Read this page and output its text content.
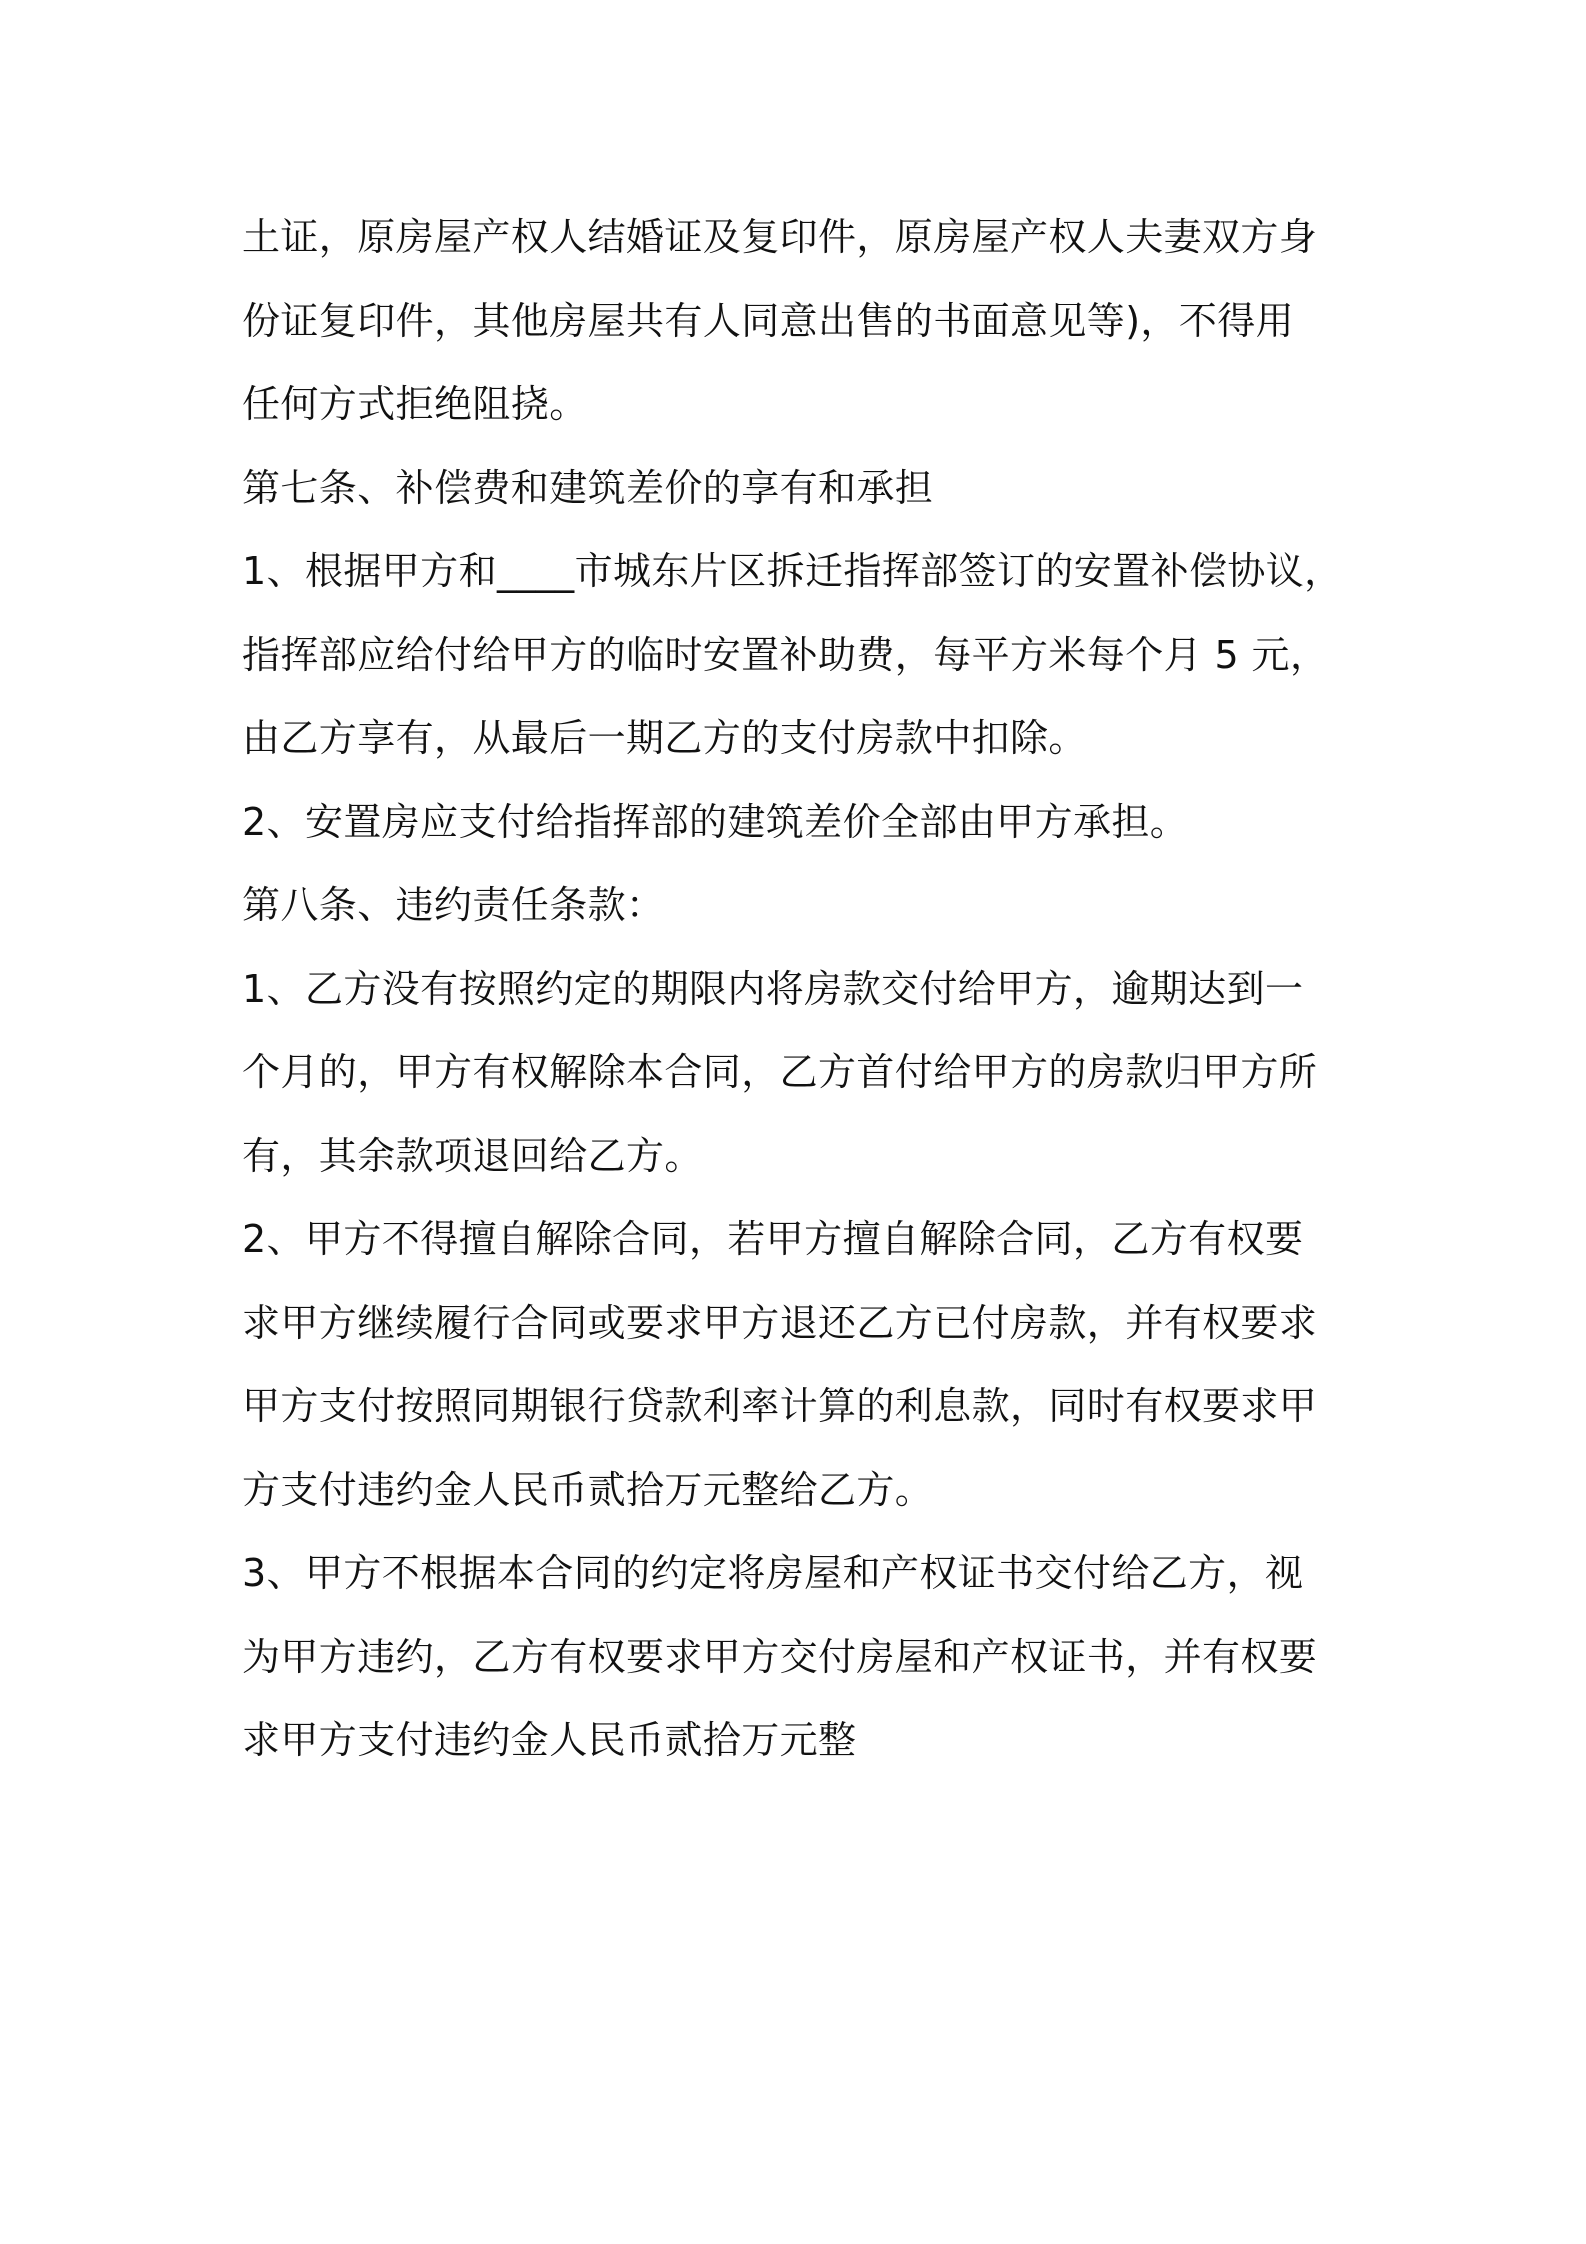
土证，原房屋产权人结婚证及复印件，原房屋产权人夫妻双方身
份证复印件，其他房屋共有人同意出售的书面意见等)，不得用
任何方式拒绝阻挠。
第七条、补偿费和建筑差价的享有和承担
1、根据甲方和____市城东片区拆迁指挥部签订的安置补偿协议，
指挥部应给付给甲方的临时安置补助费，每平方米每个月 5 元，
由乙方享有，从最后一期乙方的支付房款中扣除。
2、安置房应支付给指挥部的建筑差价全部由甲方承担。
第八条、违约责任条款：
1、乙方没有按照约定的期限内将房款交付给甲方，逾期达到一
个月的，甲方有权解除本合同，乙方首付给甲方的房款归甲方所
有，其余款项退回给乙方。
2、甲方不得擅自解除合同，若甲方擅自解除合同，乙方有权要
求甲方继续履行合同或要求甲方退还乙方已付房款，并有权要求
甲方支付按照同期银行贷款利率计算的利息款，同时有权要求甲
方支付违约金人民币贰拾万元整给乙方。
3、甲方不根据本合同的约定将房屋和产权证书交付给乙方，视
为甲方违约，乙方有权要求甲方交付房屋和产权证书，并有权要
求甲方支付违约金人民币贰拾万元整
